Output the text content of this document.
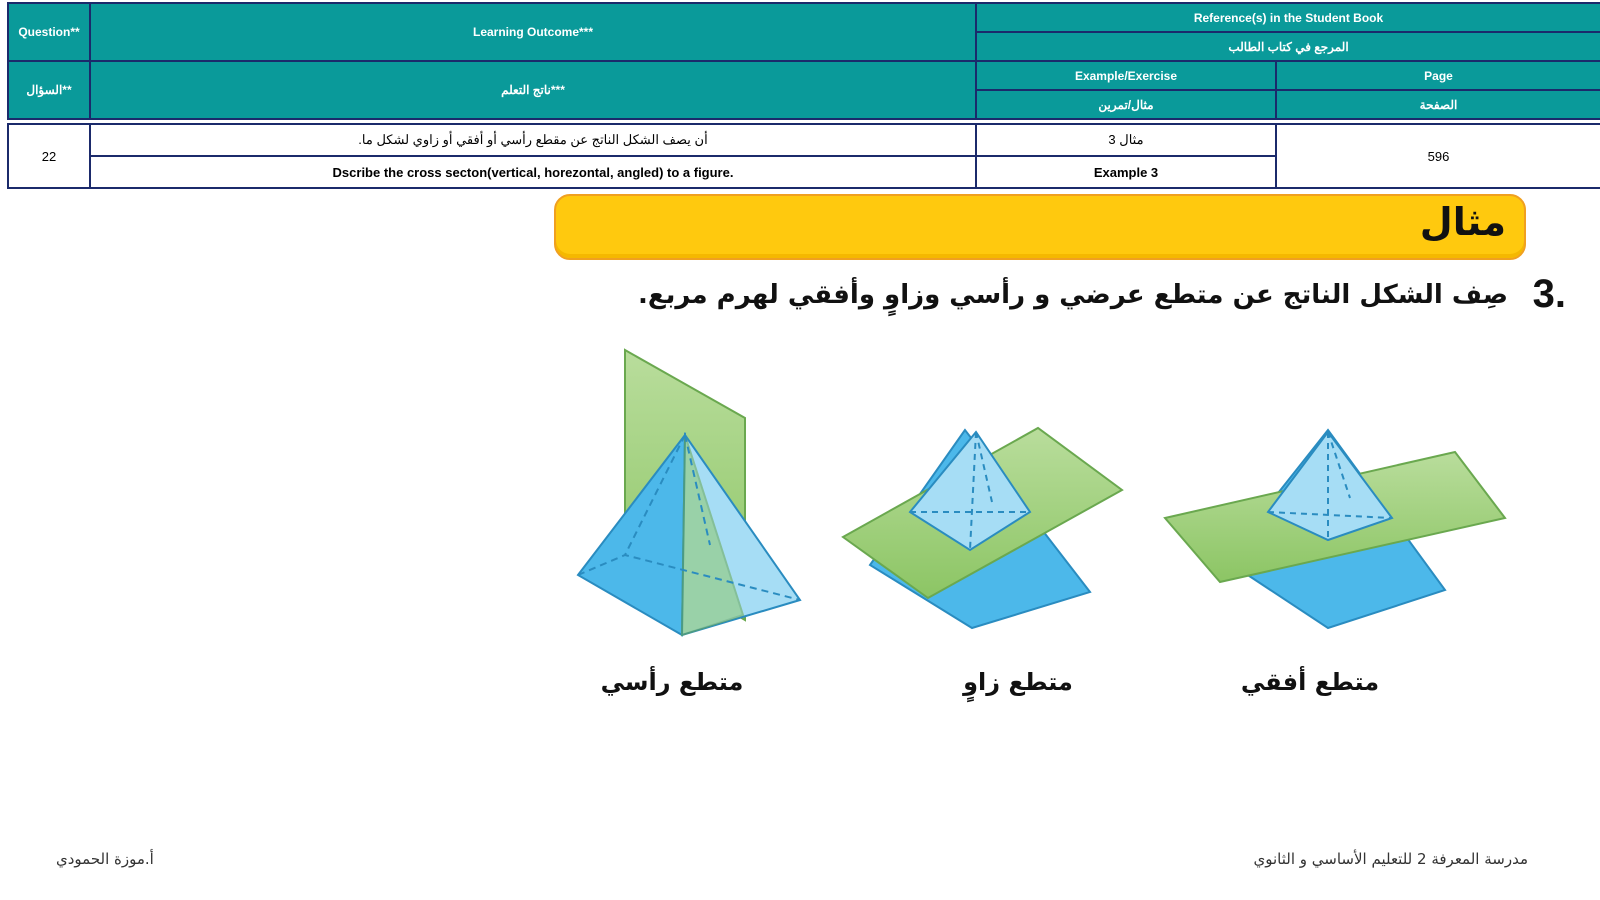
Question**	Learning Outcome***	Reference(s) in the Student Book	
		المرجع في كتاب الطالب	
السؤال**	ناتج التعلم***	Example/Exercise	Page
		مثال/تمرين	الصفحة
22	أن يصف الشكل الناتج عن مقطع رأسي أو أفقي أو زاوي لشكل ما.	مثال 3	596
	Dscribe the cross secton(vertical, horezontal, angled) to a figure.	Example 3	
مثال
3.
صِف الشكل الناتج عن متطع عرضي و رأسي وزاوٍ وأفقي لهرم مربع.
متطع رأسي	متطع زاوٍ	متطع أفقي
أ.موزة الحمودي	مدرسة المعرفة 2 للتعليم الأساسي و الثانوي
